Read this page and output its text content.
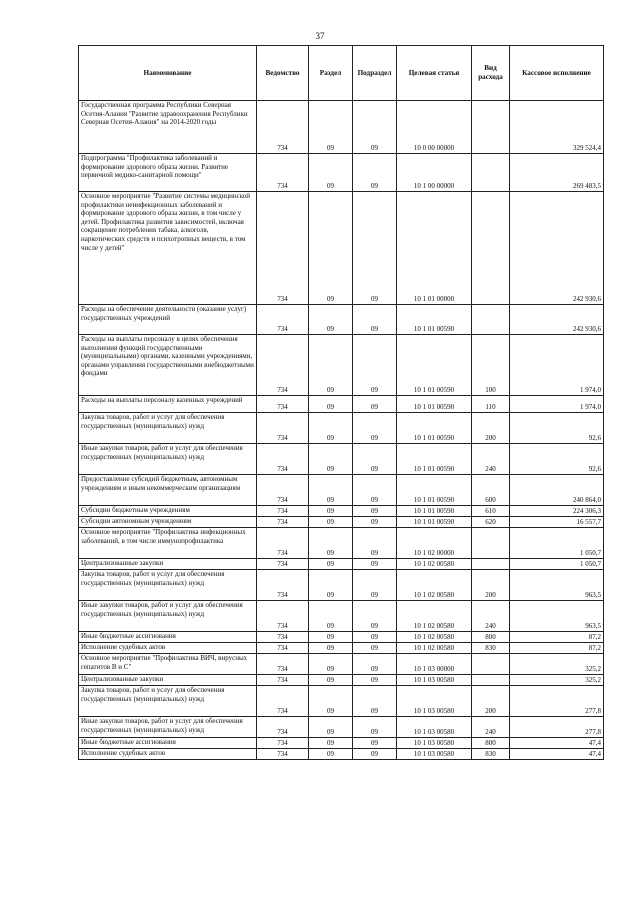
37
Наименование	Ведомство	Раздел	Подраздел	Целевая статья	Вид расхода	Кассовое исполнение
Государственная программа Республики Северная Осетия-Алания "Развитие здравоохранения Республики Северная Осетия-Алания" на 2014-2020 годы	734	09	09	10 0 00 00000		329 524,4
Подпрограмма "Профилактика заболеваний и формирование здорового образа жизни. Развитие первичной медико-санитарной помощи"	734	09	09	10 1 00 00000		269 483,5
Основное мероприятие "Развитие системы медицинской профилактики неинфекционных заболеваний и формирование здорового образа жизни, в том числе у детей. Профилактика развития зависимостей, включая сокращение потребления табака, алкоголя, наркотических средств и психотропных веществ, в том числе у детей"	734	09	09	10 1 01 00000		242 930,6
Расходы на обеспечение деятельности (оказание услуг) государственных учреждений	734	09	09	10 1 01 00590		242 930,6
Расходы на выплаты персоналу в целях обеспечения выполнения функций государственными (муниципальными) органами, казенными учреждениями, органами управления государственными внебюджетными фондами	734	09	09	10 1 01 00590	100	1 974,0
Расходы на выплаты персоналу казенных учреждений	734	09	09	10 1 01 00590	110	1 974,0
Закупка товаров, работ и услуг для обеспечения государственных (муниципальных) нужд	734	09	09	10 1 01 00590	200	92,6
Иные закупки товаров, работ и услуг для обеспечения государственных (муниципальных) нужд	734	09	09	10 1 01 00590	240	92,6
Предоставление субсидий бюджетным, автономным учреждениям и иным некоммерческим организациям	734	09	09	10 1 01 00590	600	240 864,0
Субсидии бюджетным учреждениям	734	09	09	10 1 01 00590	610	224 306,3
Субсидии автономным учреждениям	734	09	09	10 1 01 00590	620	16 557,7
Основное мероприятие "Профилактика инфекционных заболеваний, в том числе иммунопрофилактика	734	09	09	10 1 02 00000		1 050,7
Централизованные закупки	734	09	09	10 1 02 00580		1 050,7
Закупка товаров, работ и услуг для обеспечения государственных (муниципальных) нужд	734	09	09	10 1 02 00580	200	963,5
Иные закупки товаров, работ и услуг для обеспечения государственных (муниципальных) нужд	734	09	09	10 1 02 00580	240	963,5
Иные бюджетные ассигнования	734	09	09	10 1 02 00580	800	87,2
Исполнение судебных актов	734	09	09	10 1 02 00580	830	87,2
Основное мероприятие "Профилактика ВИЧ, вирусных гепатитов В и С"	734	09	09	10 1 03 00000		325,2
Централизованные закупки	734	09	09	10 1 03 00580		325,2
Закупка товаров, работ и услуг для обеспечения государственных (муниципальных) нужд	734	09	09	10 1 03 00580	200	277,8
Иные закупки товаров, работ и услуг для обеспечения государственных (муниципальных) нужд	734	09	09	10 1 03 00580	240	277,8
Иные бюджетные ассигнования	734	09	09	10 1 03 00580	800	47,4
Исполнение судебных актов	734	09	09	10 1 03 00580	830	47,4
